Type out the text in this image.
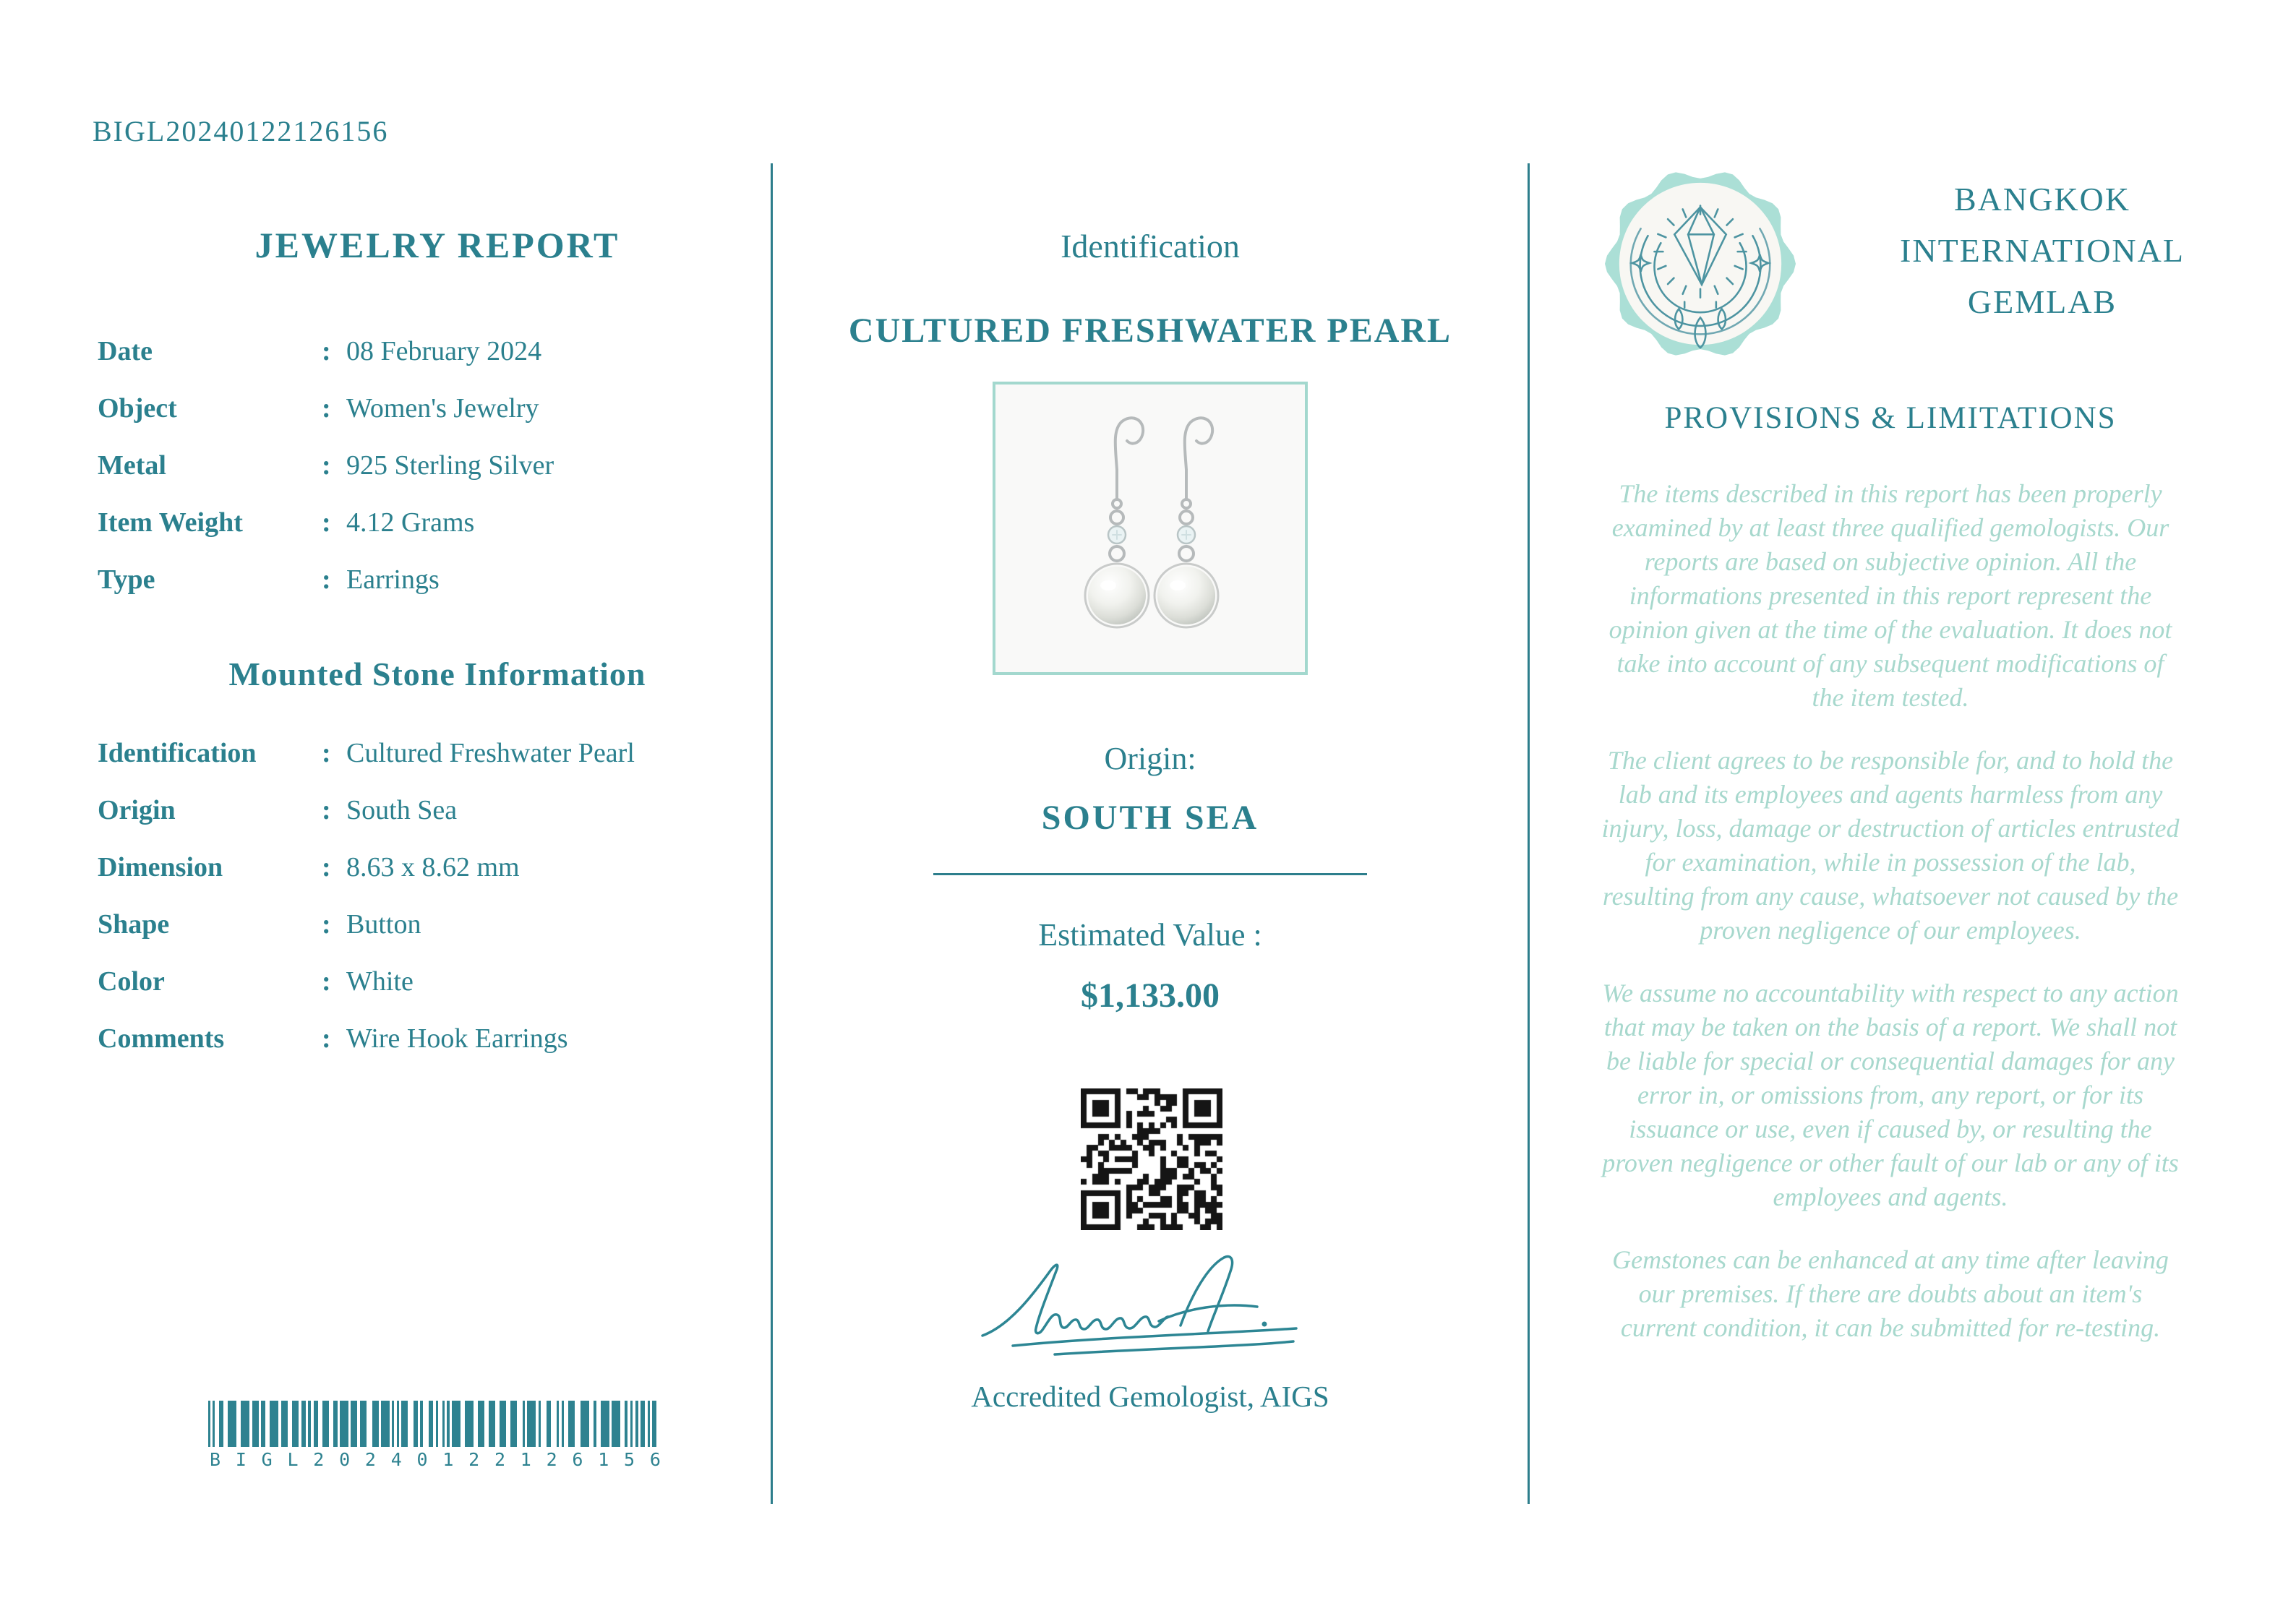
BIGL20240122126156
JEWELRY REPORT
Date	: 08 February 2024
Object	: Women's Jewelry
Metal	: 925 Sterling Silver
Item Weight	: 4.12 Grams
Type	: Earrings
Mounted Stone Information
Identification	: Cultured Freshwater Pearl
Origin	: South Sea
Dimension	: 8.63 x 8.62 mm
Shape	: Button
Color	: White
Comments	: Wire Hook Earrings
B I G L 2 0 2 4 0 1 2 2 1 2 6 1 5 6
Identification
CULTURED FRESHWATER PEARL
Origin:
SOUTH SEA
Estimated Value :
$1,133.00
Accredited Gemologist, AIGS
BANGKOK
INTERNATIONAL
GEMLAB
PROVISIONS & LIMITATIONS

The items described in this report has been properly examined by at least three qualified gemologists. Our reports are based on subjective opinion. All the informations presented in this report represent the opinion given at the time of the evaluation. It does not take into account of any subsequent modifications of the item tested.

The client agrees to be responsible for, and to hold the lab and its employees and agents harmless from any injury, loss, damage or destruction of articles entrusted for examination, while in possession of the lab, resulting from any cause, whatsoever not caused by the proven negligence of our employees.

We assume no accountability with respect to any action that may be taken on the basis of a report. We shall not be liable for special or consequential damages for any error in, or omissions from, any report, or for its issuance or use, even if caused by, or resulting the proven negligence or other fault of our lab or any of its employees and agents.

Gemstones can be enhanced at any time after leaving our premises. If there are doubts about an item's current condition, it can be submitted for re-testing.
